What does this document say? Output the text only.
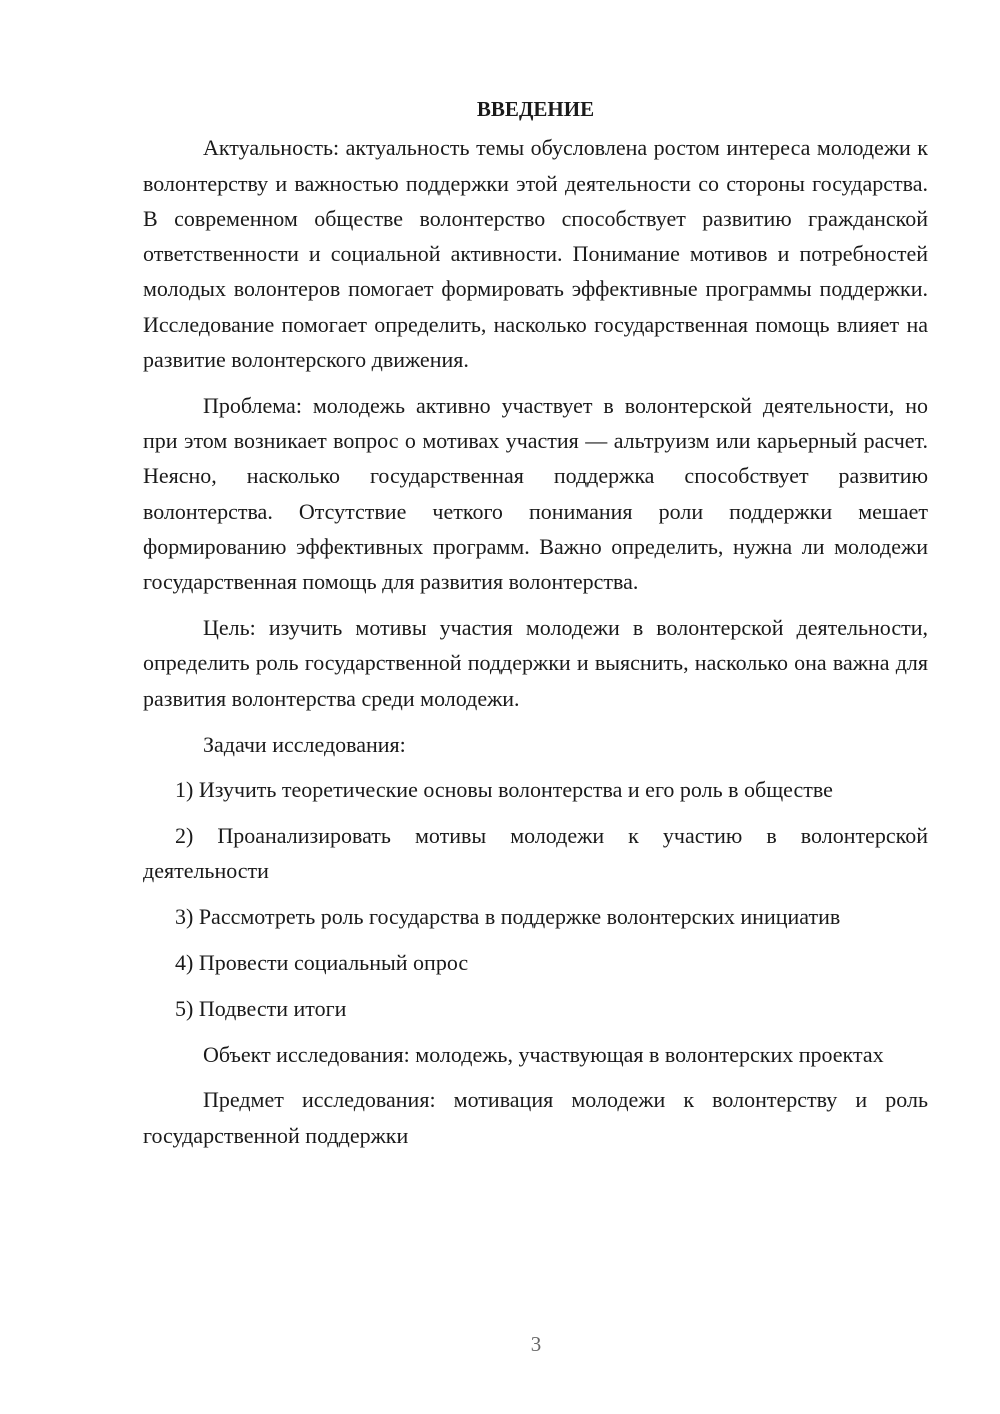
ВВЕДЕНИЕ

Актуальность: актуальность темы обусловлена ростом интереса молодежи к волонтерству и важностью поддержки этой деятельности со стороны государства. В современном обществе волонтерство способствует развитию гражданской ответственности и социальной активности. Понимание мотивов и потребностей молодых волонтеров помогает формировать эффективные программы поддержки. Исследование помогает определить, насколько государственная помощь влияет на развитие волонтерского движения.

Проблема: молодежь активно участвует в волонтерской деятельности, но при этом возникает вопрос о мотивах участия — альтруизм или карьерный расчет. Неясно, насколько государственная поддержка способствует развитию волонтерства. Отсутствие четкого понимания роли поддержки мешает формированию эффективных программ. Важно определить, нужна ли молодежи государственная помощь для развития волонтерства.

Цель: изучить мотивы участия молодежи в волонтерской деятельности, определить роль государственной поддержки и выяснить, насколько она важна для развития волонтерства среди молодежи.

Задачи исследования:

1) Изучить теоретические основы волонтерства и его роль в обществе

2) Проанализировать мотивы молодежи к участию в волонтерской деятельности

3) Рассмотреть роль государства в поддержке волонтерских инициатив

4) Провести социальный опрос

5) Подвести итоги

Объект исследования: молодежь, участвующая в волонтерских проектах

Предмет исследования: мотивация молодежи к волонтерству и роль государственной поддержки

3
